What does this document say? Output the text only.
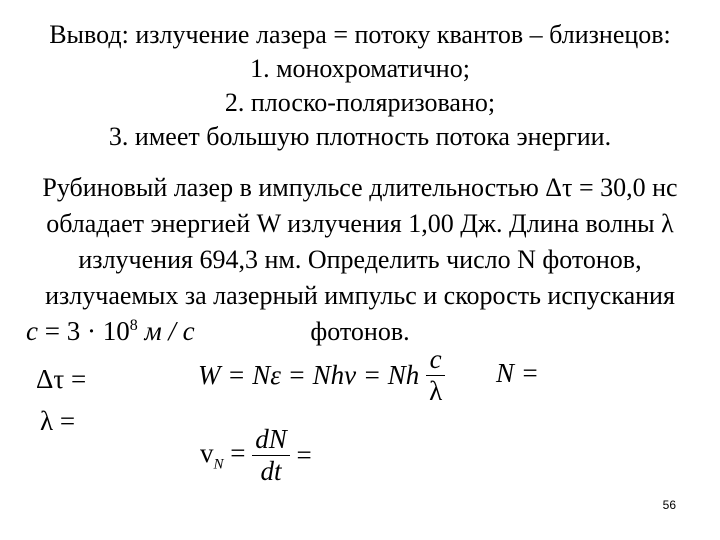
Вывод: излучение лазера = потоку квантов – близнецов:
1. монохроматично;
2. плоско-поляризовано;
3. имеет большую плотность потока энергии.
Рубиновый лазер в импульсе длительностью Δτ = 30,0 нс
обладает энергией W излучения 1,00 Дж. Длина волны λ
излучения 694,3 нм. Определить число N фотонов,
излучаемых за лазерный импульс и скорость испускания
фотонов.
$c = 3 \cdot 10^8$ м / с
Δτ =
λ =
W = Nε = Nhν = Nh $\frac{c}{\lambda}$ N =
$v_N = \frac{dN}{dt}$ =
56
